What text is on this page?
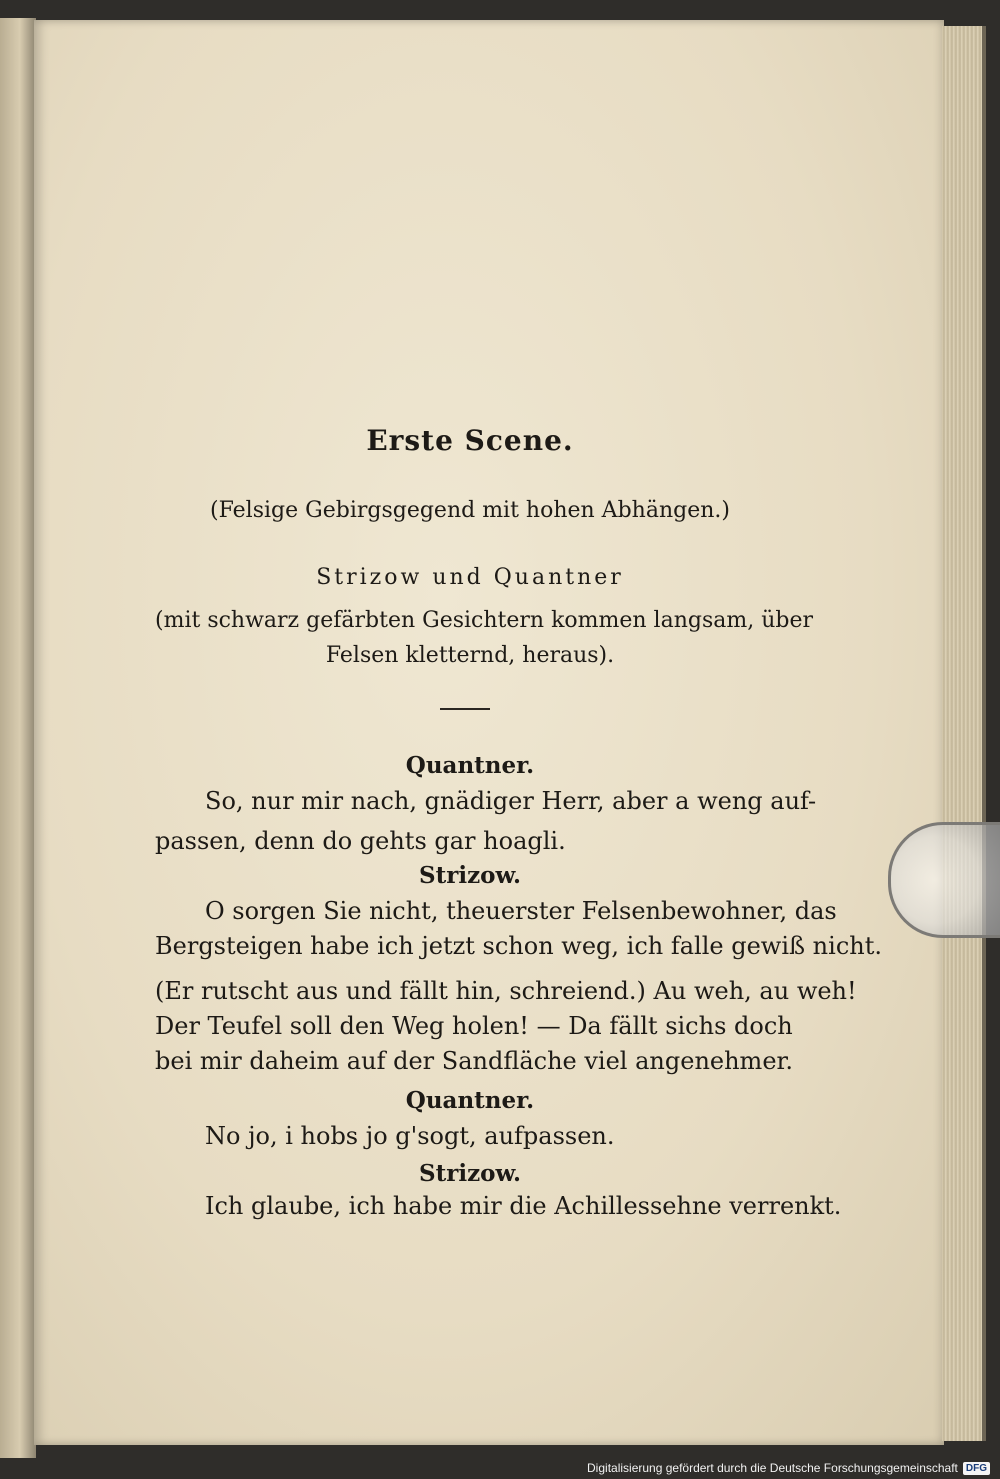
Erste Scene.
(Felsige Gebirgsgegend mit hohen Abhängen.)
Strizow und Quantner
(mit schwarz gefärbten Gesichtern kommen langsam, über
Felsen kletternd, heraus).
Quantner.
So, nur mir nach, gnädiger Herr, aber a weng auf-
passen, denn do gehts gar hoagli.
Strizow.
O sorgen Sie nicht, theuerster Felsenbewohner, das
Bergsteigen habe ich jetzt schon weg, ich falle gewiß nicht.
(Er rutscht aus und fällt hin, schreiend.) Au weh, au weh!
Der Teufel soll den Weg holen! — Da fällt sichs doch
bei mir daheim auf der Sandfläche viel angenehmer.
Quantner.
No jo, i hobs jo g'sogt, aufpassen.
Strizow.
Ich glaube, ich habe mir die Achillessehne verrenkt.
Digitalisierung gefördert durch die Deutsche Forschungsgemeinschaft DFG
